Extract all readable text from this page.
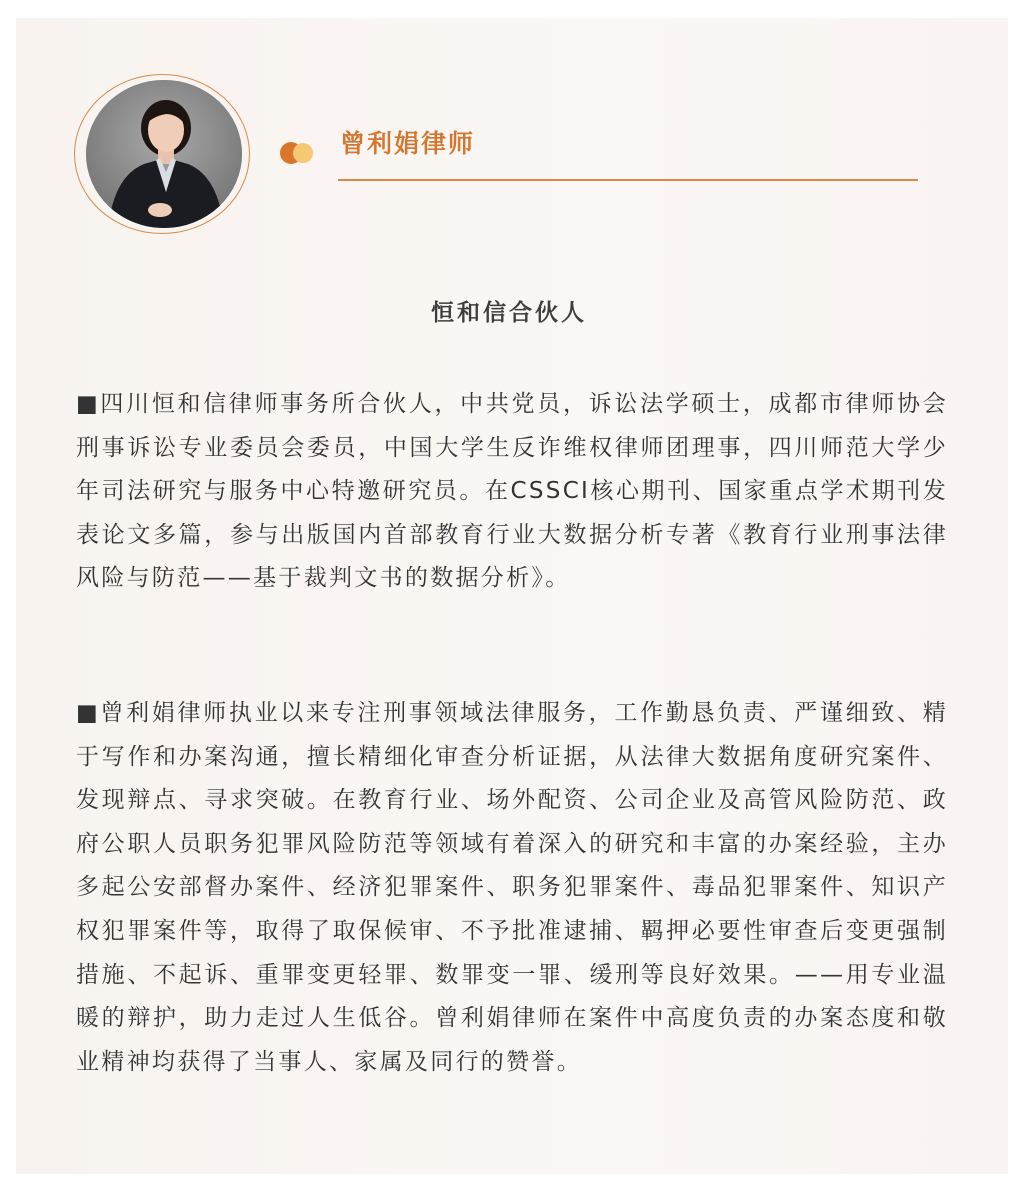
曾利娟律师
恒和信合伙人

■四川恒和信律师事务所合伙人，中共党员，诉讼法学硕士，成都市律师协会刑事诉讼专业委员会委员，中国大学生反诈维权律师团理事，四川师范大学少年司法研究与服务中心特邀研究员。在CSSCI核心期刊、国家重点学术期刊发表论文多篇，参与出版国内首部教育行业大数据分析专著《教育行业刑事法律风险与防范——基于裁判文书的数据分析》。

■曾利娟律师执业以来专注刑事领域法律服务，工作勤恳负责、严谨细致、精于写作和办案沟通，擅长精细化审查分析证据，从法律大数据角度研究案件、发现辩点、寻求突破。在教育行业、场外配资、公司企业及高管风险防范、政府公职人员职务犯罪风险防范等领域有着深入的研究和丰富的办案经验，主办多起公安部督办案件、经济犯罪案件、职务犯罪案件、毒品犯罪案件、知识产权犯罪案件等，取得了取保候审、不予批准逮捕、羁押必要性审查后变更强制措施、不起诉、重罪变更轻罪、数罪变一罪、缓刑等良好效果。——用专业温暖的辩护，助力走过人生低谷。曾利娟律师在案件中高度负责的办案态度和敬业精神均获得了当事人、家属及同行的赞誉。
